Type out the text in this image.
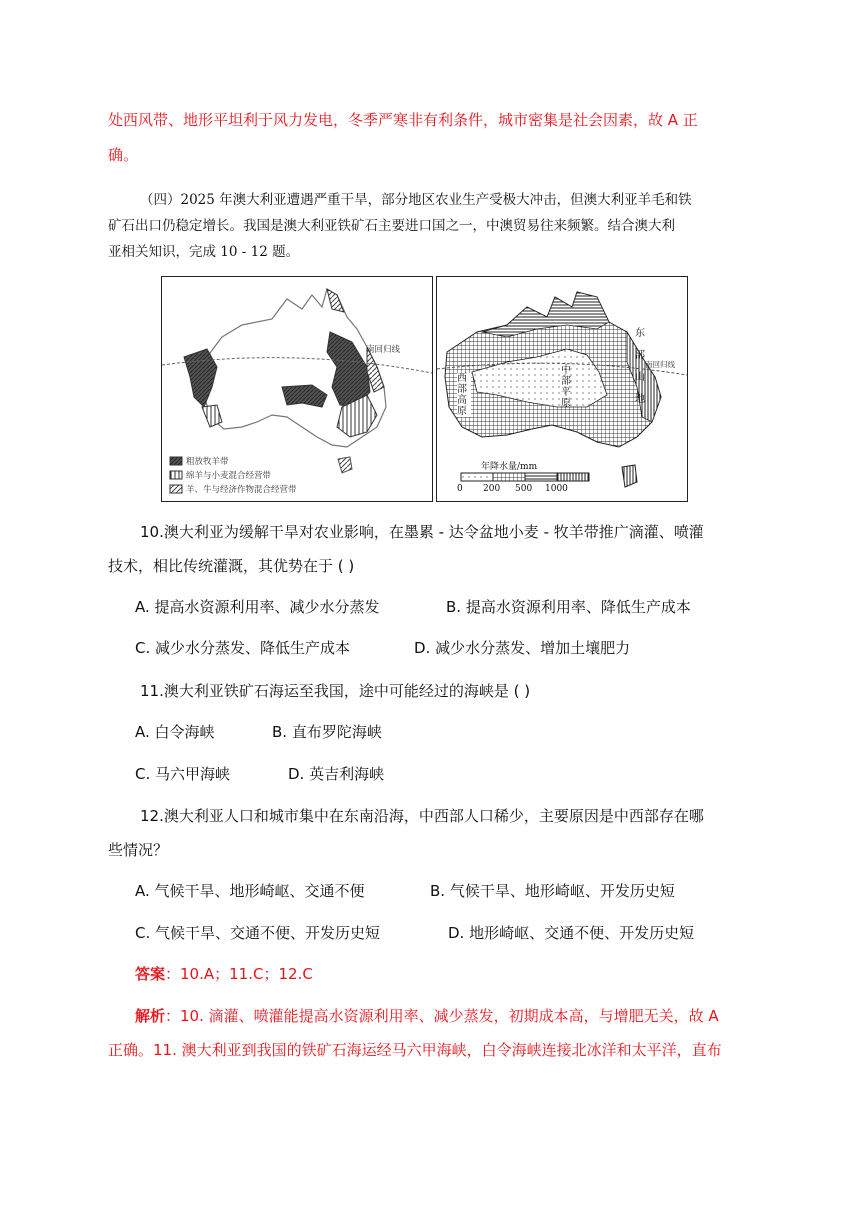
处西风带、地形平坦利于风力发电，冬季严寒非有利条件，城市密集是社会因素，故 A 正
确。
（四）2025 年澳大利亚遭遇严重干旱，部分地区农业生产受极大冲击，但澳大利亚羊毛和铁
矿石出口仍稳定增长。我国是澳大利亚铁矿石主要进口国之一，中澳贸易往来频繁。结合澳大利
亚相关知识，完成 10 - 12 题。
南回归线
粗放牧羊带
绵羊与小麦混合经营带
羊、牛与经济作物混合经营带
西
部
高
原
中
部
平
原
东
部
山
地
南回归线
年降水量/mm
0 200 500 1000
10.澳大利亚为缓解干旱对农业影响，在墨累 - 达令盆地小麦 - 牧羊带推广滴灌、喷灌
技术，相比传统灌溉，其优势在于 ( )
A. 提高水资源利用率、减少水分蒸发	B. 提高水资源利用率、降低生产成本
C. 减少水分蒸发、降低生产成本	D. 减少水分蒸发、增加土壤肥力
11.澳大利亚铁矿石海运至我国，途中可能经过的海峡是 ( )
A. 白令海峡	B. 直布罗陀海峡
C. 马六甲海峡	D. 英吉利海峡
12.澳大利亚人口和城市集中在东南沿海，中西部人口稀少，主要原因是中西部存在哪
些情况？
A. 气候干旱、地形崎岖、交通不便	B. 气候干旱、地形崎岖、开发历史短
C. 气候干旱、交通不便、开发历史短	D. 地形崎岖、交通不便、开发历史短
答案：10.A；11.C；12.C
解析：10. 滴灌、喷灌能提高水资源利用率、减少蒸发，初期成本高，与增肥无关，故 A
正确。11. 澳大利亚到我国的铁矿石海运经马六甲海峡，白令海峡连接北冰洋和太平洋，直布
